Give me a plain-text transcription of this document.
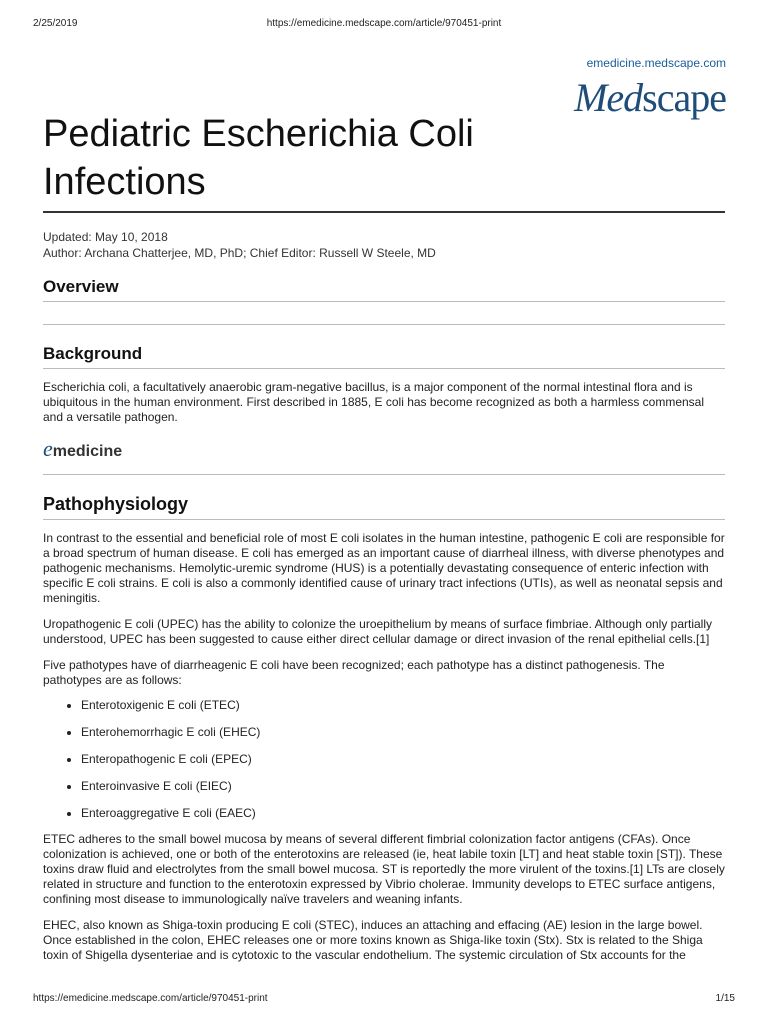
2/25/2019	https://emedicine.medscape.com/article/970451-print
emedicine.medscape.com
Medscape
Pediatric Escherichia Coli Infections
Updated: May 10, 2018
Author: Archana Chatterjee, MD, PhD; Chief Editor: Russell W Steele, MD
Overview
Background

Escherichia coli, a facultatively anaerobic gram-negative bacillus, is a major component of the normal intestinal flora and is ubiquitous in the human environment. First described in 1885, E coli has become recognized as both a harmless commensal and a versatile pathogen.

emedicine
Pathophysiology

In contrast to the essential and beneficial role of most E coli isolates in the human intestine, pathogenic E coli are responsible for a broad spectrum of human disease. E coli has emerged as an important cause of diarrheal illness, with diverse phenotypes and pathogenic mechanisms. Hemolytic-uremic syndrome (HUS) is a potentially devastating consequence of enteric infection with specific E coli strains. E coli is also a commonly identified cause of urinary tract infections (UTIs), as well as neonatal sepsis and meningitis.

Uropathogenic E coli (UPEC) has the ability to colonize the uroepithelium by means of surface fimbriae. Although only partially understood, UPEC has been suggested to cause either direct cellular damage or direct invasion of the renal epithelial cells.[1]

Five pathotypes have of diarrheagenic E coli have been recognized; each pathotype has a distinct pathogenesis. The pathotypes are as follows:

Enterotoxigenic E coli (ETEC)
Enterohemorrhagic E coli (EHEC)
Enteropathogenic E coli (EPEC)
Enteroinvasive E coli (EIEC)
Enteroaggregative E coli (EAEC)

ETEC adheres to the small bowel mucosa by means of several different fimbrial colonization factor antigens (CFAs). Once colonization is achieved, one or both of the enterotoxins are released (ie, heat labile toxin [LT] and heat stable toxin [ST]). These toxins draw fluid and electrolytes from the small bowel mucosa. ST is reportedly the more virulent of the toxins.[1] LTs are closely related in structure and function to the enterotoxin expressed by Vibrio cholerae. Immunity develops to ETEC surface antigens, confining most disease to immunologically naïve travelers and weaning infants.

EHEC, also known as Shiga-toxin producing E coli (STEC), induces an attaching and effacing (AE) lesion in the large bowel. Once established in the colon, EHEC releases one or more toxins known as Shiga-like toxin (Stx). Stx is related to the Shiga toxin of Shigella dysenteriae and is cytotoxic to the vascular endothelium. The systemic circulation of Stx accounts for the

https://emedicine.medscape.com/article/970451-print	1/15
